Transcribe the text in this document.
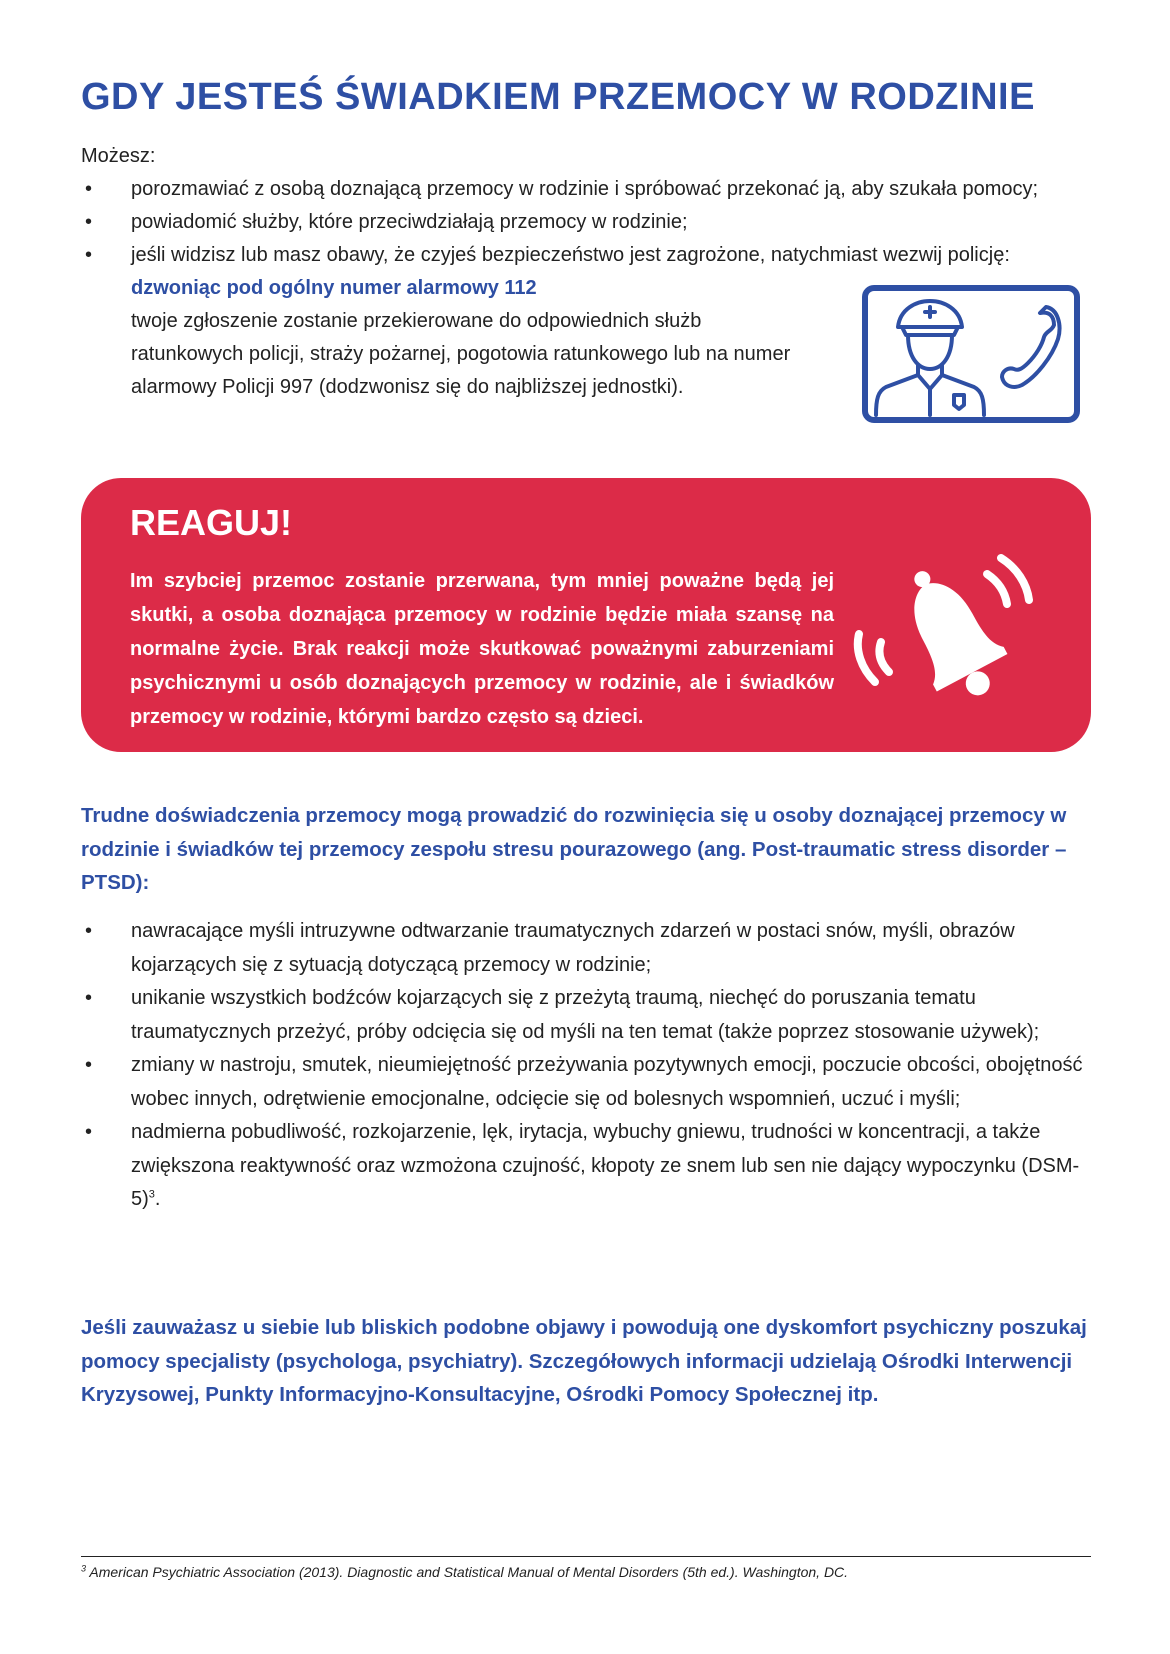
GDY JESTEŚ ŚWIADKIEM PRZEMOCY W RODZINIE
Możesz:
• porozmawiać z osobą doznającą przemocy w rodzinie i spróbować przekonać ją, aby szukała pomocy;
• powiadomić służby, które przeciwdziałają przemocy w rodzinie;
• jeśli widzisz lub masz obawy, że czyjeś bezpieczeństwo jest zagrożone, natychmiast wezwij policję:
dzwoniąc pod ogólny numer alarmowy 112
twoje zgłoszenie zostanie przekierowane do odpowiednich służb ratunkowych policji, straży pożarnej, pogotowia ratunkowego lub na numer alarmowy Policji 997 (dodzwonisz się do najbliższej jednostki).
REAGUJ!

Im szybciej przemoc zostanie przerwana, tym mniej poważne będą jej skutki, a osoba doznająca przemocy w rodzinie będzie miała szansę na normalne życie. Brak reakcji może skutkować poważnymi zaburzeniami psychicznymi u osób doznających przemocy w rodzinie, ale i świadków przemocy w rodzinie, którymi bardzo często są dzieci.

Trudne doświadczenia przemocy mogą prowadzić do rozwinięcia się u osoby doznającej przemocy w rodzinie i świadków tej przemocy zespołu stresu pourazowego (ang. Post-traumatic stress disorder – PTSD):

• nawracające myśli intruzywne odtwarzanie traumatycznych zdarzeń w postaci snów, myśli, obrazów kojarzących się z sytuacją dotyczącą przemocy w rodzinie;
• unikanie wszystkich bodźców kojarzących się z przeżytą traumą, niechęć do poruszania tematu traumatycznych przeżyć, próby odcięcia się od myśli na ten temat (także poprzez stosowanie używek);
• zmiany w nastroju, smutek, nieumiejętność przeżywania pozytywnych emocji, poczucie obcości, obojętność wobec innych, odrętwienie emocjonalne, odcięcie się od bolesnych wspomnień, uczuć i myśli;
• nadmierna pobudliwość, rozkojarzenie, lęk, irytacja, wybuchy gniewu, trudności w koncentracji, a także zwiększona reaktywność oraz wzmożona czujność, kłopoty ze snem lub sen nie dający wypoczynku $(DSM-5)^3$.

Jeśli zauważasz u siebie lub bliskich podobne objawy i powodują one dyskomfort psychiczny poszukaj pomocy specjalisty (psychologa, psychiatry). Szczegółowych informacji udzielają Ośrodki Interwencji Kryzysowej, Punkty Informacyjno-Konsultacyjne, Ośrodki Pomocy Społecznej itp.

$^3$ American Psychiatric Association (2013). Diagnostic and Statistical Manual of Mental Disorders (5th ed.). Washington, DC.
